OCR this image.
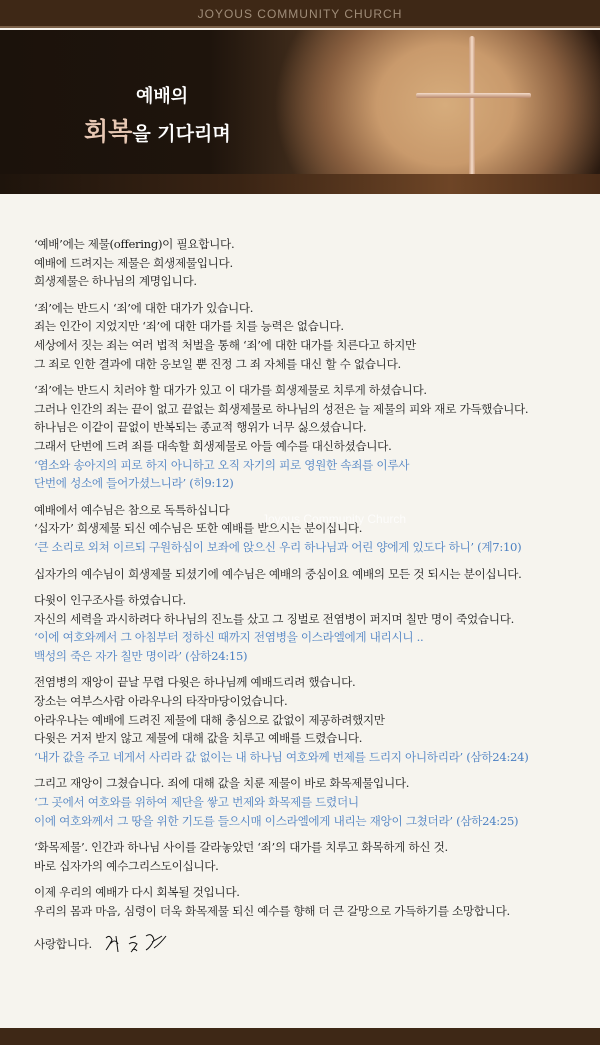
JOYOUS COMMUNITY CHURCH
예배의
회복을 기다리며
‘예배’에는 제물(offering)이 필요합니다.
예배에 드려지는 제물은 희생제물입니다.
희생제물은 하나님의 계명입니다.
‘죄’에는 반드시 ‘죄’에 대한 대가가 있습니다.
죄는 인간이 지었지만 ‘죄’에 대한 대가를 치를 능력은 없습니다.
세상에서 짓는 죄는 여러 법적 처벌을 통해 ‘죄’에 대한 대가를 치른다고 하지만
그 죄로 인한 결과에 대한 응보일 뿐 진정 그 죄 자체를 대신 할 수 없습니다.
‘죄’에는 반드시 치러야 할 대가가 있고 이 대가를 희생제물로 치루게 하셨습니다.
그러나 인간의 죄는 끝이 없고 끝없는 희생제물로 하나님의 성전은 늘 제물의 피와 재로 가득했습니다.
하나님은 이같이 끝없이 반복되는 종교적 행위가 너무 싫으셨습니다.
그래서 단번에 드려 죄를 대속할 희생제물로 아들 예수를 대신하셨습니다.
‘염소와 송아지의 피로 하지 아니하고 오직 자기의 피로 영원한 속죄를 이루사
단번에 성소에 들어가셨느니라’ (히9:12)
예배에서 예수님은 참으로 독특하십니다
‘십자가’ 희생제물 되신 예수님은 또한 예배를 받으시는 분이십니다.
‘큰 소리로 외쳐 이르되 구원하심이 보좌에 앉으신 우리 하나님과 어린 양에게 있도다 하니’ (계7:10)
십자가의 예수님이 희생제물 되셨기에 예수님은 예배의 중심이요 예배의 모든 것 되시는 분이십니다.
다윗이 인구조사를 하였습니다.
자신의 세력을 과시하려다 하나님의 진노를 샀고 그 징벌로 전염병이 퍼지며 칠만 명이 죽었습니다.
‘이에 여호와께서 그 아침부터 정하신 때까지 전염병을 이스라엘에게 내리시니 ..
백성의 죽은 자가 칠만 명이라’ (삼하24:15)
전염병의 재앙이 끝날 무렵 다윗은 하나님께 예배드리려 했습니다.
장소는 여부스사람 아라우나의 타작마당이었습니다.
아라우나는 예배에 드려진 제물에 대해 충심으로 값없이 제공하려했지만
다윗은 거저 받지 않고 제물에 대해 값을 치루고 예배를 드렸습니다.
‘내가 값을 주고 네게서 사리라 값 없이는 내 하나님 여호와께 번제를 드리지 아니하리라’ (삼하24:24)
그리고 재앙이 그쳤습니다. 죄에 대해 값을 치룬 제물이 바로 화목제물입니다.
‘그 곳에서 여호와를 위하여 제단을 쌓고 번제와 화목제를 드렸더니
이에 여호와께서 그 땅을 위한 기도를 들으시매 이스라엘에게 내리는 재앙이 그쳤더라’ (삼하24:25)
‘화목제물’. 인간과 하나님 사이를 갈라놓았던 ‘죄’의 대가를 치루고 화목하게 하신 것.
바로 십자가의 예수그리스도이십니다.
이제 우리의 예배가 다시 회복될 것입니다.
우리의 몸과 마음, 심령이 더욱 화목제물 되신 예수를 향해 더 큰 갈망으로 가득하기를 소망합니다.
사랑합니다.
Joyous Community Church
